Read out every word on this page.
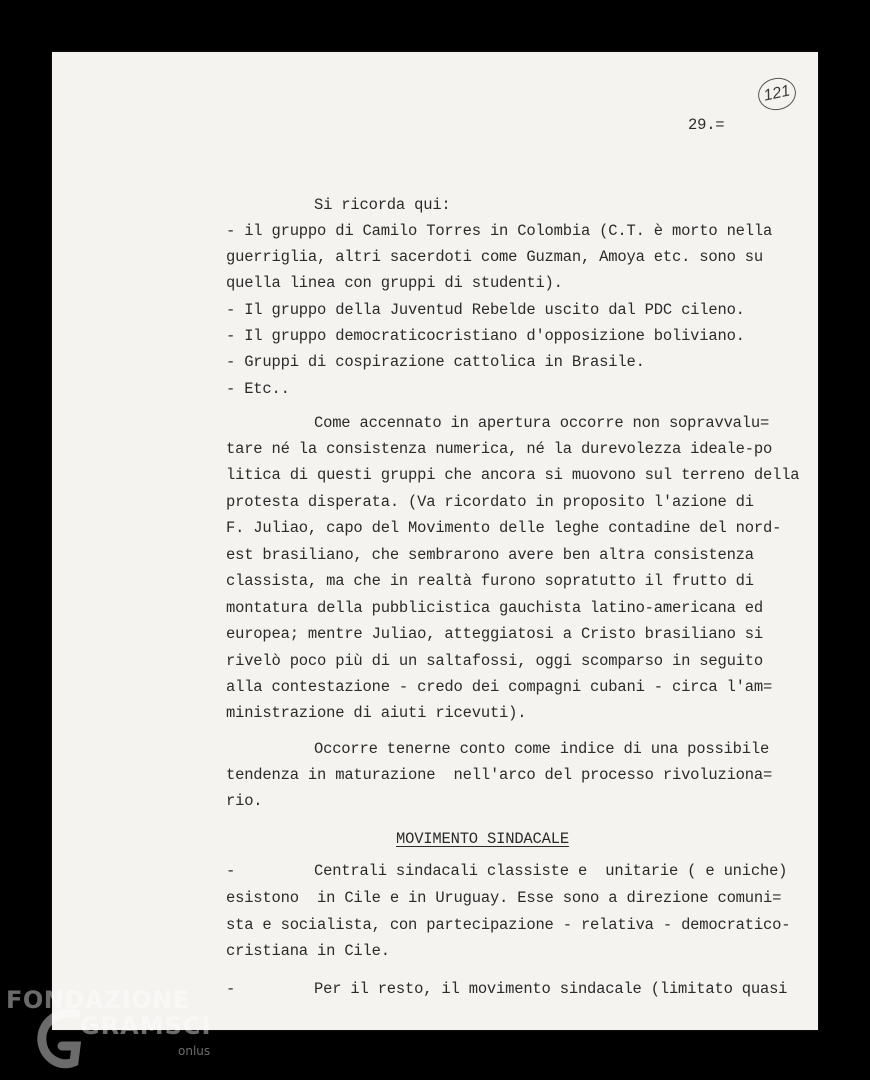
121
29.=
Si ricorda qui:
- il gruppo di Camilo Torres in Colombia (C.T. è morto nella
guerriglia, altri sacerdoti come Guzman, Amoya etc. sono su
quella linea con gruppi di studenti).
- Il gruppo della Juventud Rebelde uscito dal PDC cileno.
- Il gruppo democraticocristiano d'opposizione boliviano.
- Gruppi di cospirazione cattolica in Brasile.
- Etc..
Come accennato in apertura occorre non sopravvalu=
tare né la consistenza numerica, né la durevolezza ideale-po
litica di questi gruppi che ancora si muovono sul terreno della
protesta disperata. (Va ricordato in proposito l'azione di
F. Juliao, capo del Movimento delle leghe contadine del nord-
est brasiliano, che sembrarono avere ben altra consistenza
classista, ma che in realtà furono sopratutto il frutto di
montatura della pubblicistica gauchista latino-americana ed
europea; mentre Juliao, atteggiatosi a Cristo brasiliano si
rivelò poco più di un saltafossi, oggi scomparso in seguito
alla contestazione - credo dei compagni cubani - circa l'am=
ministrazione di aiuti ricevuti).
Occorre tenerne conto come indice di una possibile
tendenza in maturazione  nell'arco del processo rivoluziona=
rio.
MOVIMENTO SINDACALE
-	Centrali sindacali classiste e  unitarie ( e uniche)
esistono  in Cile e in Uruguay. Esse sono a direzione comuni=
sta e socialista, con partecipazione - relativa - democratico-
cristiana in Cile.
-	Per il resto, il movimento sindacale (limitato quasi
FONDAZIONE
GRAMSCI
onlus
